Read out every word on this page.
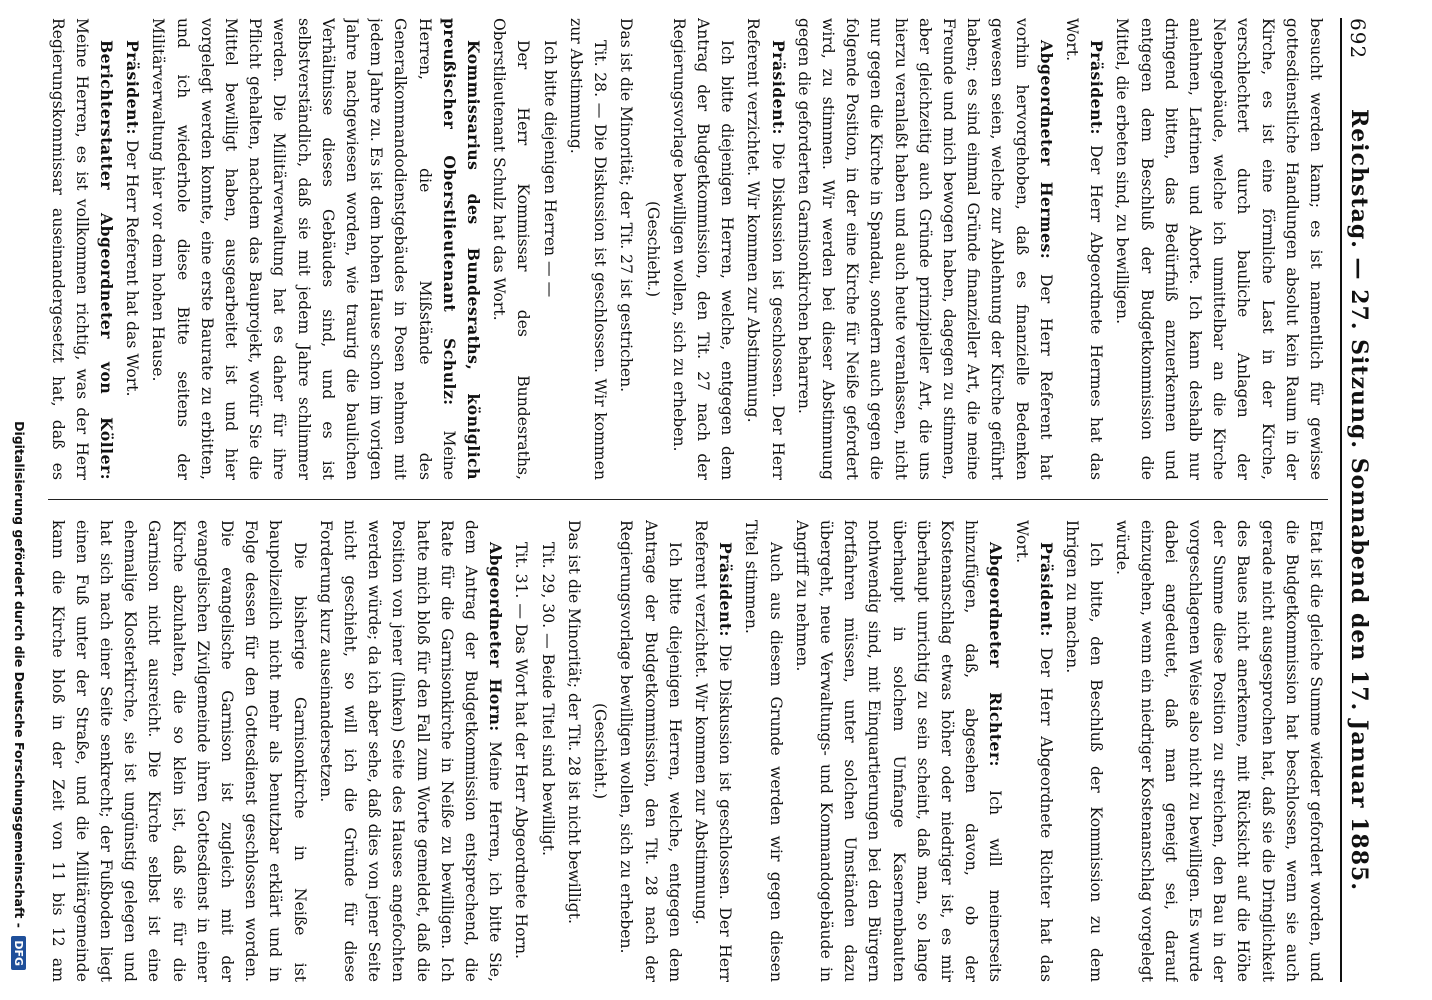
692
Reichstag. — 27. Sitzung. Sonnabend den 17. Januar 1885.

besucht werden kann; es ist namentlich für gewisse gottesdienstliche Handlungen absolut kein Raum in der Kirche, es ist eine förmliche Last in der Kirche, verschlechtert durch bauliche Anlagen der Nebengebäude, welche ich unmittelbar an die Kirche anlehnen, Latrinen und Aborte. Ich kann deshalb nur dringend bitten, das Bedürfniß anzuerkennen und entgegen dem Beschluß der Budgetkommission die Mittel, die erbeten sind, zu bewilligen.

Präsident: Der Herr Abgeordnete Hermes hat das Wort.

Abgeordneter Hermes: Der Herr Referent hat vorhin hervorgehoben, daß es finanzielle Bedenken gewesen seien, welche zur Ablehnung der Kirche geführt haben; es sind einmal Gründe finanzieller Art, die meine Freunde und mich bewogen haben, dagegen zu stimmen, aber gleichzeitig auch Gründe prinzipieller Art, die uns hierzu veranlaßt haben und auch heute veranlassen, nicht nur gegen die Kirche in Spandau, sondern auch gegen die folgende Position, in der eine Kirche für Neiße gefordert wird, zu stimmen. Wir werden bei dieser Abstimmung gegen die geforderten Garnisonkirchen beharren.

Präsident: Die Diskussion ist geschlossen. Der Herr Referent verzichtet. Wir kommen zur Abstimmung.

Ich bitte diejenigen Herren, welche, entgegen dem Antrag der Budgetkommission, den Tit. 27 nach der Regierungsvorlage bewilligen wollen, sich zu erheben.

(Geschieht.)

Das ist die Minorität; der Tit. 27 ist gestrichen.

Tit. 28. — Die Diskussion ist geschlossen. Wir kommen zur Abstimmung.

Ich bitte diejenigen Herren — —

Der Herr Kommissar des Bundesraths, Oberstlieutenant Schulz hat das Wort.

Kommissarius des Bundesraths, königlich preußischer Oberstlieutenant Schulz: Meine Herren, die Mißstände des Generalkommandodienstgebäudes in Posen nehmen mit jedem Jahre zu. Es ist dem hohen Hause schon im vorigen Jahre nachgewiesen worden, wie traurig die baulichen Verhältnisse dieses Gebäudes sind, und es ist selbstverständlich, daß sie mit jedem Jahre schlimmer werden. Die Militärverwaltung hat es daher für ihre Pflicht gehalten, nachdem das Bauprojekt, wofür Sie die Mittel bewilligt haben, ausgearbeitet ist und hier vorgelegt werden konnte, eine erste Baurate zu erbitten, und ich wiederhole diese Bitte seitens der Militärverwaltung hier vor dem hohen Hause.

Präsident: Der Herr Referent hat das Wort.

Berichterstatter Abgeordneter von Köller: Meine Herren, es ist vollkommen richtig, was der Herr Regierungskommissar auseinandergesetzt hat, daß es

Etat ist die gleiche Summe wieder gefordert worden, und die Budgetkommission hat beschlossen, wenn sie auch gerade nicht ausgesprochen hat, daß sie die Dringlichkeit des Baues nicht anerkenne, mit Rücksicht auf die Höhe der Summe diese Position zu streichen, den Bau in der vorgeschlagenen Weise also nicht zu bewilligen. Es wurde dabei angedeutet, daß man geneigt sei, darauf einzugehen, wenn ein niedriger Kostenanschlag vorgelegt würde.

Ich bitte, den Beschluß der Kommission zu dem Ihrigen zu machen.

Präsident: Der Herr Abgeordnete Richter hat das Wort.

Abgeordneter Richter: Ich will meinerseits hinzufügen, daß, abgesehen davon, ob der Kostenanschlag etwas höher oder niedriger ist, es mir überhaupt unrichtig zu sein scheint, daß man, so lange überhaupt in solchem Umfange Kasernenbauten nothwendig sind, mit Einquartierungen bei den Bürgern fortfahren müssen, unter solchen Umständen dazu übergeht, neue Verwaltungs- und Kommandogebäude in Angriff zu nehmen.

Auch aus diesem Grunde werden wir gegen diesen Titel stimmen.

Präsident: Die Diskussion ist geschlossen. Der Herr Referent verzichtet. Wir kommen zur Abstimmung.

Ich bitte diejenigen Herren, welche, entgegen dem Antrage der Budgetkommission, den Tit. 28 nach der Regierungsvorlage bewilligen wollen, sich zu erheben.

(Geschieht.)

Das ist die Minorität; der Tit. 28 ist nicht bewilligt.

Tit. 29, 30. — Beide Titel sind bewilligt.

Tit. 31. — Das Wort hat der Herr Abgeordnete Horn.

Abgeordneter Horn: Meine Herren, ich bitte Sie, dem Antrag der Budgetkommission entsprechend, die Rate für die Garnisonkirche in Neiße zu bewilligen. Ich hatte mich bloß für den Fall zum Worte gemeldet, daß die Position von jener (linken) Seite des Hauses angefochten werden würde; da ich aber sehe, daß dies von jener Seite nicht geschieht, so will ich die Gründe für diese Forderung kurz auseinandersetzen.

Die bisherige Garnisonkirche in Neiße ist baupolizeilich nicht mehr als benutzbar erklärt und in Folge dessen für den Gottesdienst geschlossen worden. Die evangelische Garnison ist zugleich mit der evangelischen Zivilgemeinde ihren Gottesdienst in einer Kirche abzuhalten, die so klein ist, daß sie für die Garnison nicht ausreicht. Die Kirche selbst ist eine ehemalige Klosterkirche, sie ist ungünstig gelegen und hat sich nach einer Seite senkrecht; der Fußboden liegt einen Fuß unter der Straße, und die Militärgemeinde kann die Kirche bloß in der Zeit von 11 bis 12 am

Digitalisierung gefördert durch die Deutsche Forschungsgemeinschaft - DFG
